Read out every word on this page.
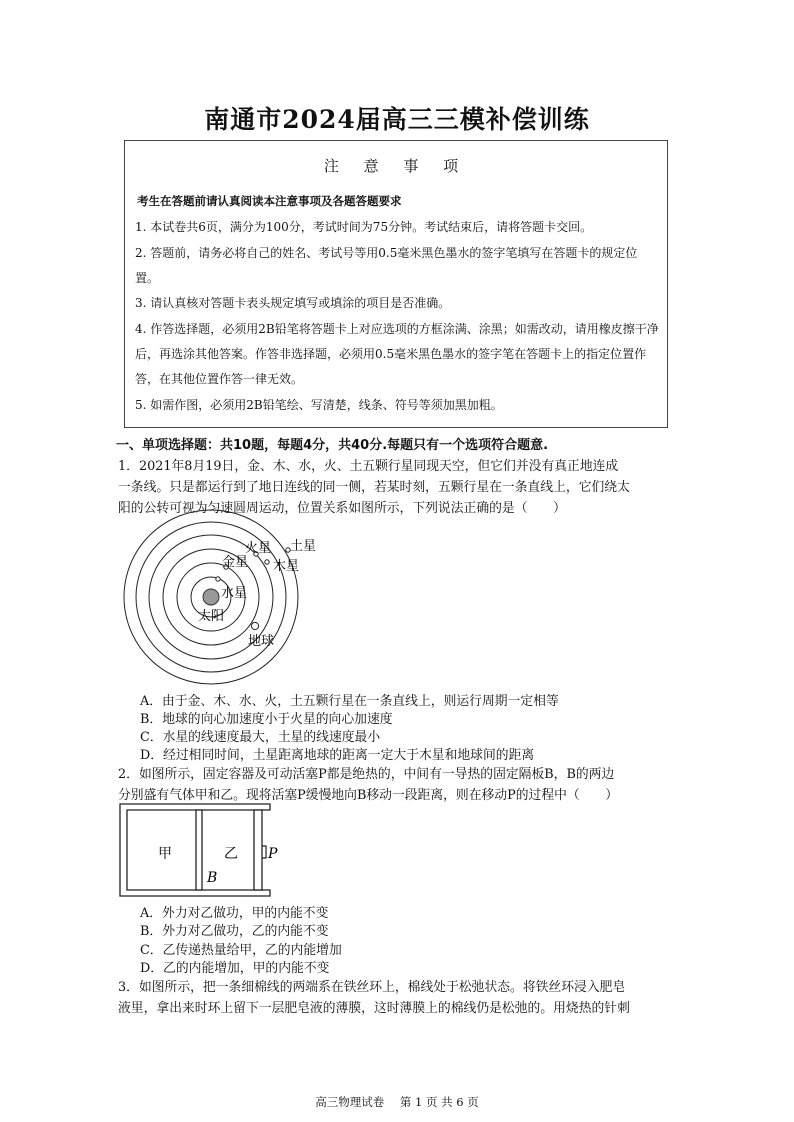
南通市2024届高三三模补偿训练
注 意 事 项
考生在答题前请认真阅读本注意事项及各题答题要求
1. 本试卷共6页，满分为100分，考试时间为75分钟。考试结束后，请将答题卡交回。
2. 答题前，请务必将自己的姓名、考试号等用0.5毫米黑色墨水的签字笔填写在答题卡的规定位置。
3. 请认真核对答题卡表头规定填写或填涂的项目是否准确。
4. 作答选择题，必须用2B铅笔将答题卡上对应选项的方框涂满、涂黑；如需改动，请用橡皮擦干净后，再选涂其他答案。作答非选择题，必须用0.5毫米黑色墨水的签字笔在答题卡上的指定位置作答，在其他位置作答一律无效。
5. 如需作图，必须用2B铅笔绘、写清楚，线条、符号等须加黑加粗。
一、单项选择题：共10题，每题4分，共40分.每题只有一个选项符合题意.
1．2021年8月19日，金、木、水，火、土五颗行星同现天空，但它们并没有真正地连成
一条线。只是都运行到了地日连线的同一侧，若某时刻，五颗行星在一条直线上，它们绕太
阳的公转可视为匀速圆周运动，位置关系如图所示，下列说法正确的是（　　）
太阳
水星
金星
火星 土星
木星
地球
A．由于金、木、水、火，土五颗行星在一条直线上，则运行周期一定相等
B．地球的向心加速度小于火星的向心加速度
C．水星的线速度最大，土星的线速度最小
D．经过相同时间，土星距离地球的距离一定大于木星和地球间的距离
2．如图所示，固定容器及可动活塞P都是绝热的，中间有一导热的固定隔板B，B的两边
分别盛有气体甲和乙。现将活塞P缓慢地向B移动一段距离，则在移动P的过程中（　　）
甲	乙
B
P
A．外力对乙做功，甲的内能不变
B．外力对乙做功，乙的内能不变
C．乙传递热量给甲，乙的内能增加
D．乙的内能增加，甲的内能不变
3．如图所示，把一条细棉线的两端系在铁丝环上，棉线处于松弛状态。将铁丝环浸入肥皂
液里，拿出来时环上留下一层肥皂液的薄膜，这时薄膜上的棉线仍是松弛的。用烧热的针刺
高三物理试卷 第 1 页 共 6 页
